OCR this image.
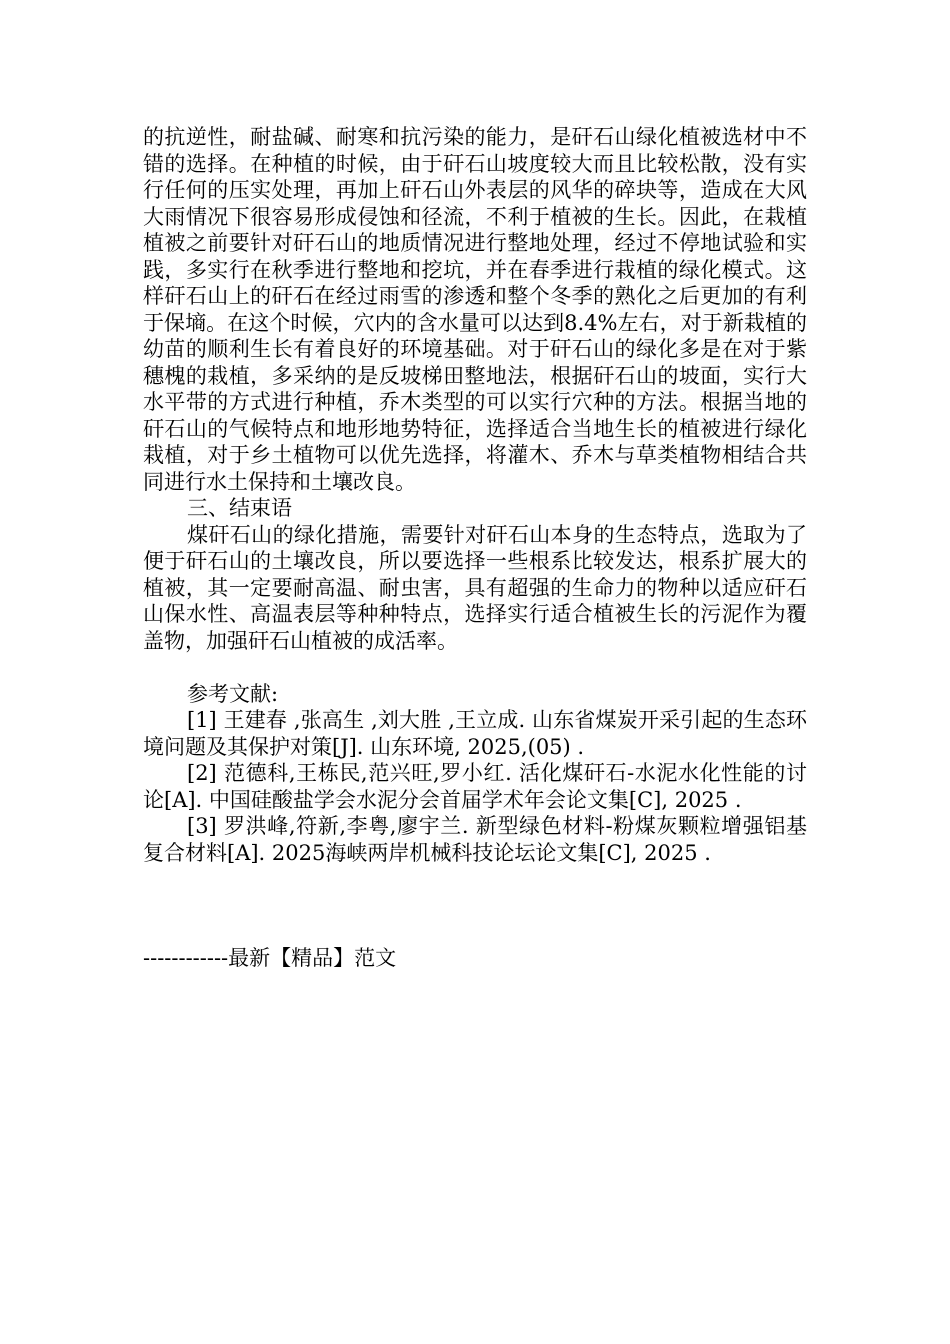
的抗逆性，耐盐碱、耐寒和抗污染的能力，是矸石山绿化植被选材中不错的选择。在种植的时候，由于矸石山坡度较大而且比较松散，没有实行任何的压实处理，再加上矸石山外表层的风华的碎块等，造成在大风大雨情况下很容易形成侵蚀和径流，不利于植被的生长。因此，在栽植植被之前要针对矸石山的地质情况进行整地处理，经过不停地试验和实践，多实行在秋季进行整地和挖坑，并在春季进行栽植的绿化模式。这样矸石山上的矸石在经过雨雪的渗透和整个冬季的熟化之后更加的有利于保墒。在这个时候，穴内的含水量可以达到8.4%左右，对于新栽植的幼苗的顺利生长有着良好的环境基础。对于矸石山的绿化多是在对于紫穗槐的栽植，多采纳的是反坡梯田整地法，根据矸石山的坡面，实行大水平带的方式进行种植，乔木类型的可以实行穴种的方法。根据当地的矸石山的气候特点和地形地势特征，选择适合当地生长的植被进行绿化栽植，对于乡土植物可以优先选择，将灌木、乔木与草类植物相结合共同进行水土保持和土壤改良。

三、结束语

煤矸石山的绿化措施，需要针对矸石山本身的生态特点，选取为了便于矸石山的土壤改良，所以要选择一些根系比较发达，根系扩展大的植被，其一定要耐高温、耐虫害，具有超强的生命力的物种以适应矸石山保水性、高温表层等种种特点，选择实行适合植被生长的污泥作为覆盖物，加强矸石山植被的成活率。

参考文献:

[1] 王建春 ,张高生 ,刘大胜 ,王立成. 山东省煤炭开采引起的生态环境问题及其保护对策[J]. 山东环境, 2025,(05) .

[2] 范德科,王栋民,范兴旺,罗小红. 活化煤矸石-水泥水化性能的讨论[A]. 中国硅酸盐学会水泥分会首届学术年会论文集[C], 2025 .

[3] 罗洪峰,符新,李粤,廖宇兰. 新型绿色材料-粉煤灰颗粒增强铝基复合材料[A]. 2025海峡两岸机械科技论坛论文集[C], 2025 .

------------最新【精品】范文
